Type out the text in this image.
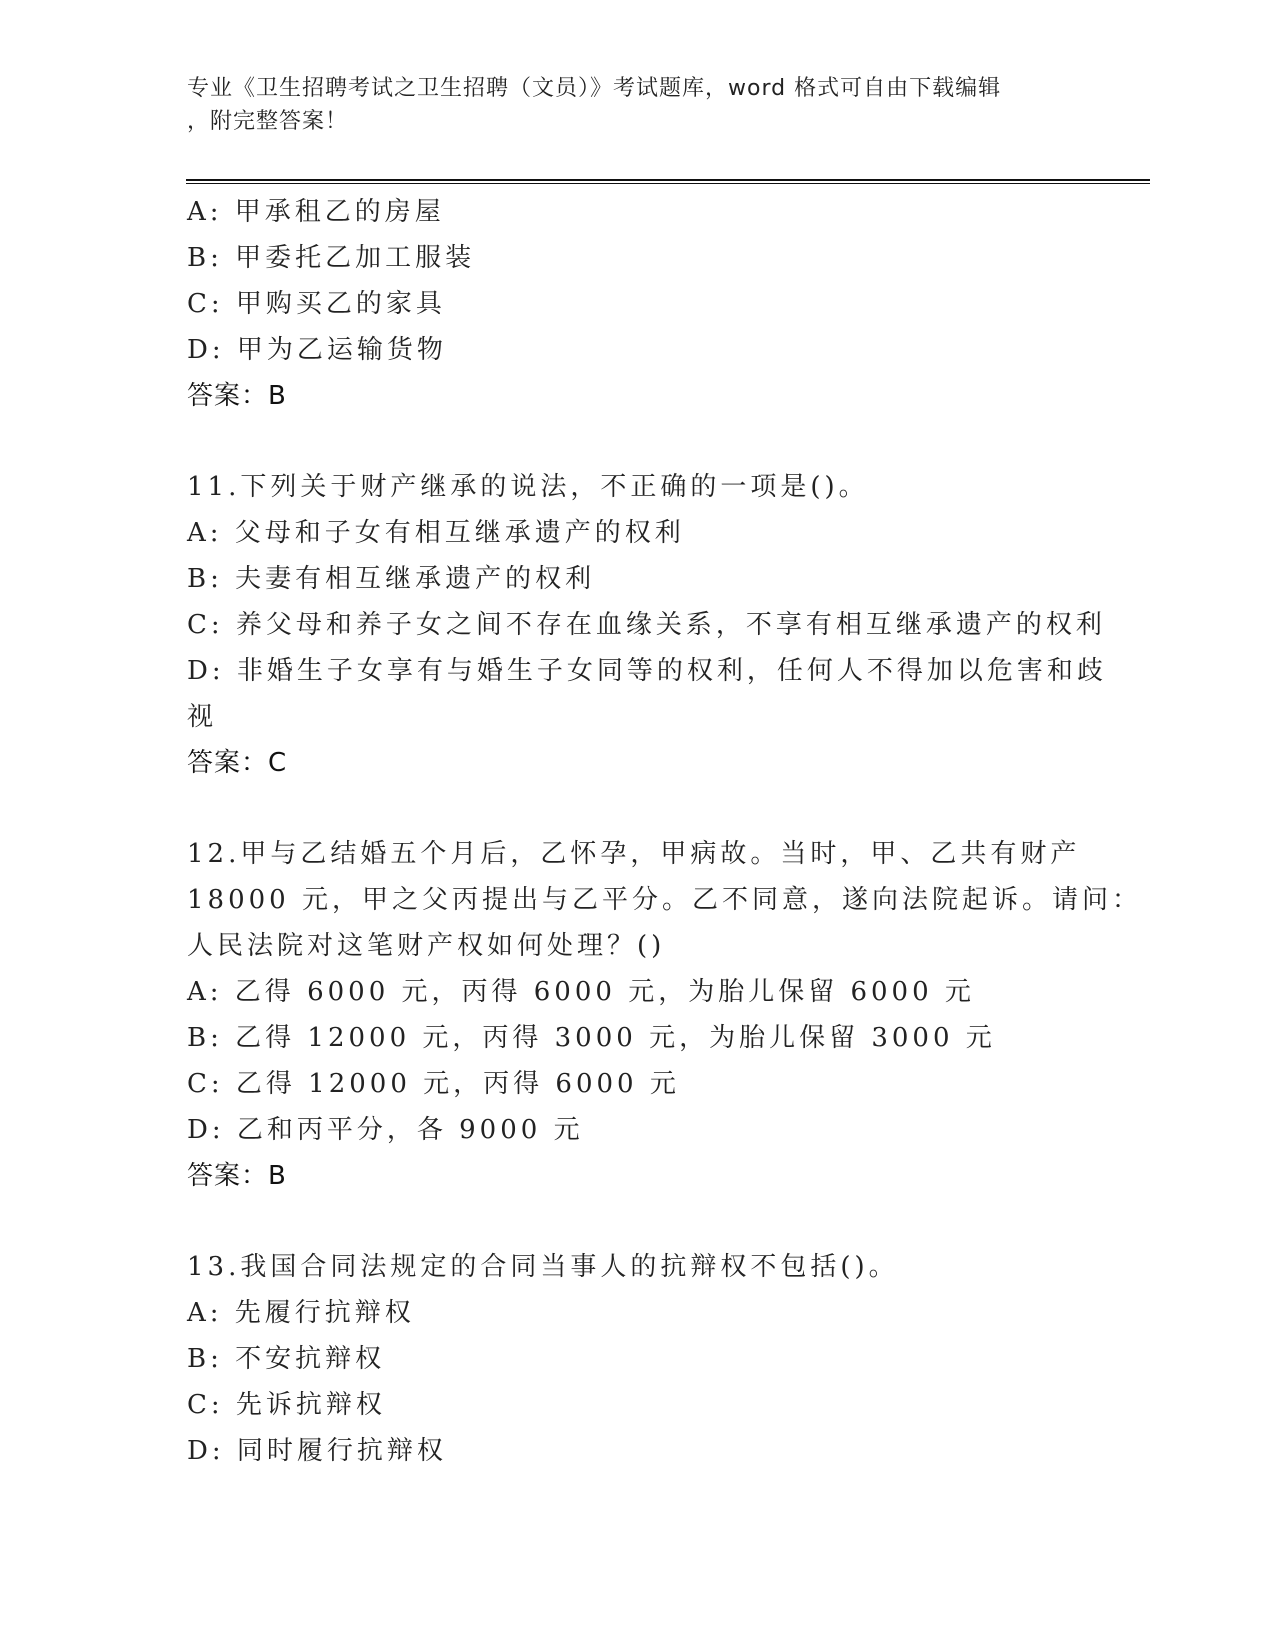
专业《卫生招聘考试之卫生招聘（文员）》考试题库，word 格式可自由下载编辑
，附完整答案！
A: 甲承租乙的房屋
B: 甲委托乙加工服装
C: 甲购买乙的家具
D: 甲为乙运输货物
答案：B
11.下列关于财产继承的说法，不正确的一项是()。
A: 父母和子女有相互继承遗产的权利
B: 夫妻有相互继承遗产的权利
C: 养父母和养子女之间不存在血缘关系，不享有相互继承遗产的权利
D: 非婚生子女享有与婚生子女同等的权利，任何人不得加以危害和歧
视
答案：C
12.甲与乙结婚五个月后，乙怀孕，甲病故。当时，甲、乙共有财产
18000 元，甲之父丙提出与乙平分。乙不同意，遂向法院起诉。请问：
人民法院对这笔财产权如何处理？()
A: 乙得 6000 元，丙得 6000 元，为胎儿保留 6000 元
B: 乙得 12000 元，丙得 3000 元，为胎儿保留 3000 元
C: 乙得 12000 元，丙得 6000 元
D: 乙和丙平分，各 9000 元
答案：B
13.我国合同法规定的合同当事人的抗辩权不包括()。
A: 先履行抗辩权
B: 不安抗辩权
C: 先诉抗辩权
D: 同时履行抗辩权
